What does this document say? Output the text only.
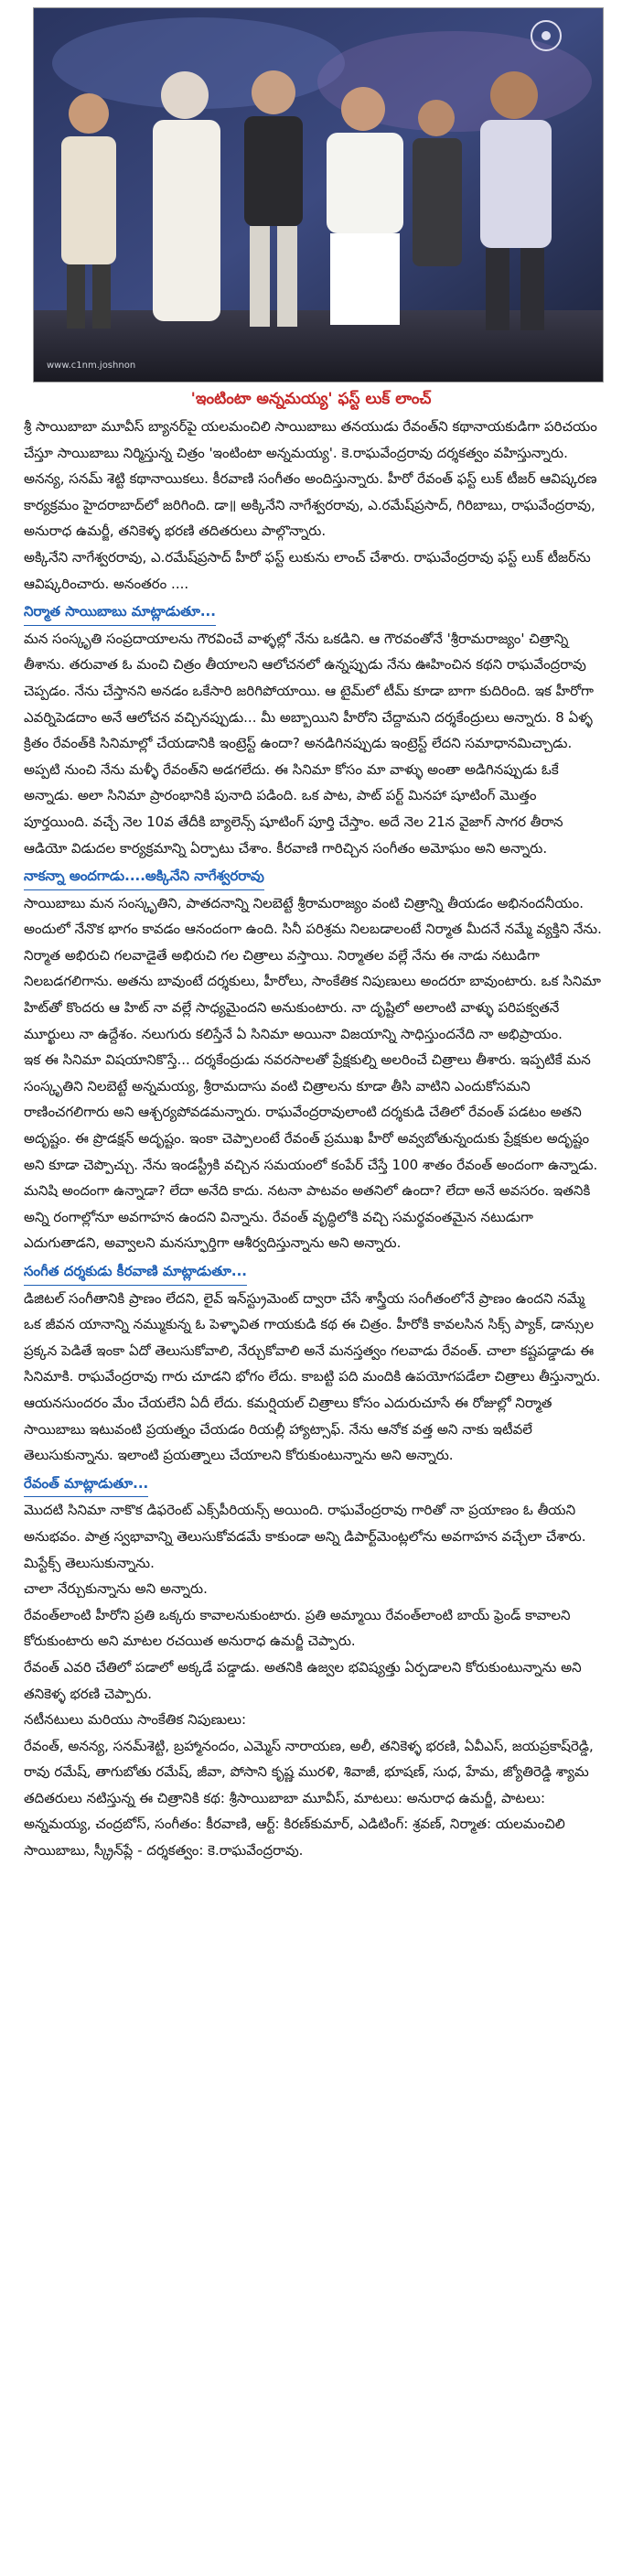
www.c1nm.joshnon
'ఇంటింటా అన్నమయ్య' ఫస్ట్ లుక్ లాంచ్

శ్రీ సాయిబాబా మూవీస్ బ్యానర్‌పై యలమంచిలి సాయిబాబు తనయుడు రేవంత్‌ని కథానాయకుడిగా పరిచయం చేస్తూ సాయిబాబు నిర్మిస్తున్న చిత్రం 'ఇంటింటా అన్నమయ్య'. కె.రాఘవేంద్రరావు దర్శకత్వం వహిస్తున్నారు. అనన్య, సనమ్ శెట్టి కథానాయికలు. కీరవాణి సంగీతం అందిస్తున్నారు. హీరో రేవంత్ ఫస్ట్ లుక్ టీజర్ ఆవిష్కరణ కార్యక్రమం హైదరాబాద్‌లో జరిగింది. డా॥ అక్కినేని నాగేశ్వరరావు, ఎ.రమేష్‌ప్రసాద్, గిరిబాబు, రాఘవేంద్రరావు, అనురాధ ఉమర్జీ, తనికెళ్ళ భరణి తదితరులు పాల్గొన్నారు.

అక్కినేని నాగేశ్వరరావు, ఎ.రమేష్‌ప్రసాద్ హీరో ఫస్ట్ లుకును లాంచ్ చేశారు. రాఘవేంద్రరావు ఫస్ట్ లుక్ టీజర్‌ను ఆవిష్కరించారు. అనంతరం ....

నిర్మాత సాయిబాబు మాట్లాడుతూ...

మన సంస్కృతి సంప్రదాయాలను గౌరవించే వాళ్ళల్లో నేను ఒకడిని. ఆ గౌరవంతోనే 'శ్రీరామరాజ్యం' చిత్రాన్ని తీశాను. తరువాత ఓ మంచి చిత్రం తీయాలని ఆలోచనలో ఉన్నప్పుడు నేను ఊహించిన కథని రాఘవేంద్రరావు చెప్పడం. నేను చేస్తానని అనడం ఒకేసారి జరిగిపోయాయి. ఆ టైమ్‌లో టీమ్ కూడా బాగా కుదిరింది. ఇక హీరోగా ఎవర్నిపెడదాం అనే ఆలోచన వచ్చినప్పుడు... మీ అబ్బాయిని హీరోని చేద్దామని దర్శకేంద్రులు అన్నారు. 8 ఏళ్ళ క్రితం రేవంత్‌కి సినిమాల్లో చేయడానికి ఇంట్రెస్ట్ ఉందా? అనడిగినప్పుడు ఇంట్రెస్ట్ లేదని సమాధానమిచ్చాడు. అప్పటి నుంచి నేను మళ్ళీ రేవంత్‌ని అడగలేదు. ఈ సినిమా కోసం మా వాళ్ళు అంతా అడిగినప్పుడు ఓకే అన్నాడు. అలా సినిమా ప్రారంభానికి పునాది పడింది. ఒక పాట, పాట్ పర్ట్ మినహా షూటింగ్ మొత్తం పూర్తయింది. వచ్చే నెల 10వ తేదీకి బ్యాలెన్స్ షూటింగ్ పూర్తి చేస్తాం. అదే నెల 21న వైజాగ్ సాగర తీరాన ఆడియో విడుదల కార్యక్రమాన్ని ఏర్పాటు చేశాం. కీరవాణి గారిచ్చిన సంగీతం అమోఘం అని అన్నారు.

నాకన్నా అందగాడు....అక్కినేని నాగేశ్వరరావు

సాయిబాబు మన సంస్కృతిని, పాతదనాన్ని నిలబెట్టే శ్రీరామరాజ్యం వంటి చిత్రాన్ని తీయడం అభినందనీయం. అందులో నేనొక భాగం కావడం ఆనందంగా ఉంది. సినీ పరిశ్రమ నిలబడాలంటే నిర్మాత మీదనే నమ్మే వ్యక్తిని నేను. నిర్మాత అభిరుచి గలవాడైతే అభిరుచి గల చిత్రాలు వస్తాయి. నిర్మాతల వల్లే నేను ఈ నాడు నటుడిగా నిలబడగలిగాను. అతను బావుంటే దర్శకులు, హీరోలు, సాంకేతిక నిపుణులు అందరూ బావుంటారు. ఒక సినిమా హిట్‌తో కొందరు ఆ హిట్ నా వల్లే సాధ్యమైందని అనుకుంటారు. నా దృష్టిలో అలాంటి వాళ్ళు పరిపక్వతనే మూర్ఖులు నా ఉద్దేశం. నలుగురు కలిస్తేనే ఏ సినిమా అయినా విజయాన్ని సాధిస్తుందనేది నా అభిప్రాయం.

ఇక ఈ సినిమా విషయానికొస్తే... దర్శకేంద్రుడు నవరసాలతో ప్రేక్షకుల్ని అలరించే చిత్రాలు తీశారు. ఇప్పటికే మన సంస్కృతిని నిలబెట్టే అన్నమయ్య, శ్రీరామదాసు వంటి చిత్రాలను కూడా తీసి వాటిని ఎందుకోసమని రాణించగలిగారు అని ఆశ్చర్యపోవడమన్నారు. రాఘవేంద్రరావులాంటి దర్శకుడి చేతిలో రేవంత్ పడటం అతని అదృష్టం. ఈ ప్రొడక్షన్ అదృష్టం. ఇంకా చెప్పాలంటే రేవంత్ ప్రముఖ హీరో అవ్వబోతున్నందుకు ప్రేక్షకుల అదృష్టం అని కూడా చెప్పొచ్చు. నేను ఇండస్ట్రీకి వచ్చిన సమయంలో కంపేర్ చేస్తే 100 శాతం రేవంత్ అందంగా ఉన్నాడు. మనిషి అందంగా ఉన్నాడా? లేదా అనేది కాదు. నటనా పాటవం అతనిలో ఉందా? లేదా అనే అవసరం. ఇతనికి అన్ని రంగాల్లోనూ అవగాహన ఉందని విన్నాను. రేవంత్ వృద్ధిలోకి వచ్చి సమర్థవంతమైన నటుడుగా ఎదుగుతాడని, అవ్వాలని మనస్ఫూర్తిగా ఆశీర్వదిస్తున్నాను అని అన్నారు.

సంగీత దర్శకుడు కీరవాణి మాట్లాడుతూ...

డిజిటల్ సంగీతానికి ప్రాణం లేదని, లైవ్ ఇన్‌స్ట్రుమెంట్ ద్వారా చేసే శాస్త్రీయ సంగీతంలోనే ప్రాణం ఉందని నమ్మే ఒక జీవన యానాన్ని నమ్ముకున్న ఓ పెళ్ళావిత గాయకుడి కథ ఈ చిత్రం. హీరోకి కావలసిన సిక్స్ ప్యాక్, డాన్సుల ప్రక్కన పెడితే ఇంకా ఏదో తెలుసుకోవాలి, నేర్చుకోవాలి అనే మనస్తత్వం గలవాడు రేవంత్. చాలా కష్టపడ్డాడు ఈ సినిమాకి. రాఘవేంద్రరావు గారు చూడని భోగం లేదు. కాబట్టి పది మందికి ఉపయోగపడేలా చిత్రాలు తీస్తున్నారు. ఆయనసుందరం మేం చేయలేని ఏదీ లేదు. కమర్షియల్ చిత్రాలు కోసం ఎదురుచూసే ఈ రోజుల్లో నిర్మాత సాయిబాబు ఇటువంటి ప్రయత్నం చేయడం రియల్లీ హ్యాట్సాఫ్. నేను ఆనోక వత్త అని నాకు ఇటీవలే తెలుసుకున్నాను. ఇలాంటి ప్రయత్నాలు చేయాలని కోరుకుంటున్నాను అని అన్నారు.

రేవంత్ మాట్లాడుతూ...

మొదటి సినిమా నాకొక డిఫరెంట్ ఎక్స్‌పీరియన్స్ అయింది. రాఘవేంద్రరావు గారితో నా ప్రయాణం ఓ తీయని అనుభవం. పాత్ర స్వభావాన్ని తెలుసుకోవడమే కాకుండా అన్ని డిపార్ట్‌మెంట్లలోను అవగాహన వచ్చేలా చేశారు. మిస్టేక్స్ తెలుసుకున్నాను.

చాలా నేర్చుకున్నాను అని అన్నారు.

రేవంత్‌లాంటి హీరోని ప్రతి ఒక్కరు కావాలనుకుంటారు. ప్రతి అమ్మాయి రేవంత్‌లాంటి బాయ్ ఫ్రెండ్ కావాలని కోరుకుంటారు అని మాటల రచయిత అనురాధ ఉమర్జీ చెప్పారు.

రేవంత్ ఎవరి చేతిలో పడాలో అక్కడే పడ్డాడు. అతనికి ఉజ్వల భవిష్యత్తు ఏర్పడాలని కోరుకుంటున్నాను అని తనికెళ్ళ భరణి చెప్పారు.

నటీనటులు మరియు సాంకేతిక నిపుణులు:

రేవంత్, అనన్య, సనమ్‌శెట్టి, బ్రహ్మానందం, ఎమ్మెస్ నారాయణ, అలీ, తనికెళ్ళ భరణి, ఏవీఎస్, జయప్రకాష్‌రెడ్డి, రావు రమేష్, తాగుబోతు రమేష్, జీవా, పోసాని కృష్ణ మురళి, శివాజీ, భూషణ్, సుధ, హేమ, జ్యోతిరెడ్డి శ్యామ తదితరులు నటిస్తున్న ఈ చిత్రానికి కథ: శ్రీసాయిబాబా మూవీస్, మాటలు: అనురాధ ఉమర్జీ, పాటలు: అన్నమయ్య, చంద్రబోస్, సంగీతం: కీరవాణి, ఆర్ట్: కిరణ్‌కుమార్, ఎడిటింగ్: శ్రవణ్, నిర్మాత: యలమంచిలి సాయిబాబు, స్క్రీన్‌ప్లే - దర్శకత్వం: కె.రాఘవేంద్రరావు.
